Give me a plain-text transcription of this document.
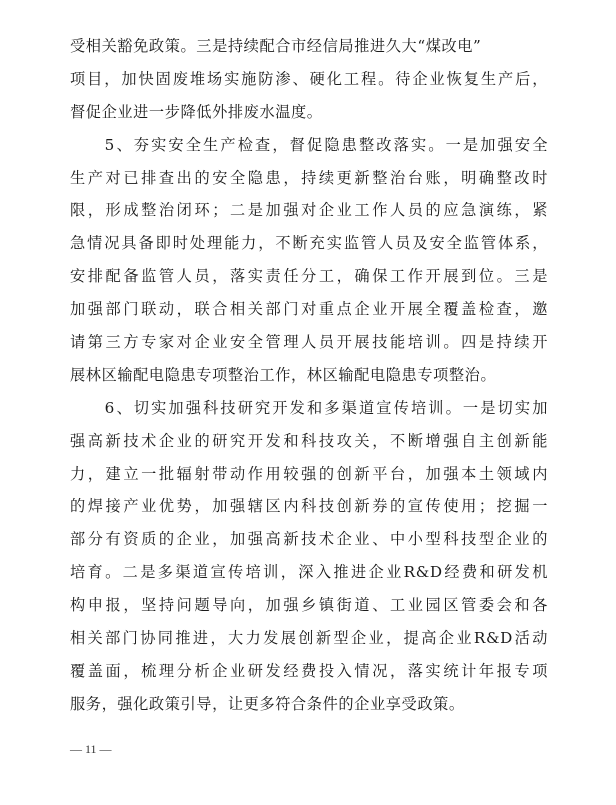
受相关豁免政策。三是持续配合市经信局推进久大“煤改电”
项目，加快固废堆场实施防渗、硬化工程。待企业恢复生产后，
督促企业进一步降低外排废水温度。
　　5、夯实安全生产检查，督促隐患整改落实。一是加强安全
生产对已排查出的安全隐患，持续更新整治台账，明确整改时
限，形成整治闭环；二是加强对企业工作人员的应急演练，紧
急情况具备即时处理能力，不断充实监管人员及安全监管体系，
安排配备监管人员，落实责任分工，确保工作开展到位。三是
加强部门联动，联合相关部门对重点企业开展全覆盖检查，邀
请第三方专家对企业安全管理人员开展技能培训。四是持续开
展林区输配电隐患专项整治工作，林区输配电隐患专项整治。
　　6、切实加强科技研究开发和多渠道宣传培训。一是切实加
强高新技术企业的研究开发和科技攻关，不断增强自主创新能
力，建立一批辐射带动作用较强的创新平台，加强本土领域内
的焊接产业优势，加强辖区内科技创新券的宣传使用；挖掘一
部分有资质的企业，加强高新技术企业、中小型科技型企业的
培育。二是多渠道宣传培训，深入推进企业R&D经费和研发机
构申报，坚持问题导向，加强乡镇街道、工业园区管委会和各
相关部门协同推进，大力发展创新型企业，提高企业R&D活动
覆盖面，梳理分析企业研发经费投入情况，落实统计年报专项
服务，强化政策引导，让更多符合条件的企业享受政策。
— 11 —
